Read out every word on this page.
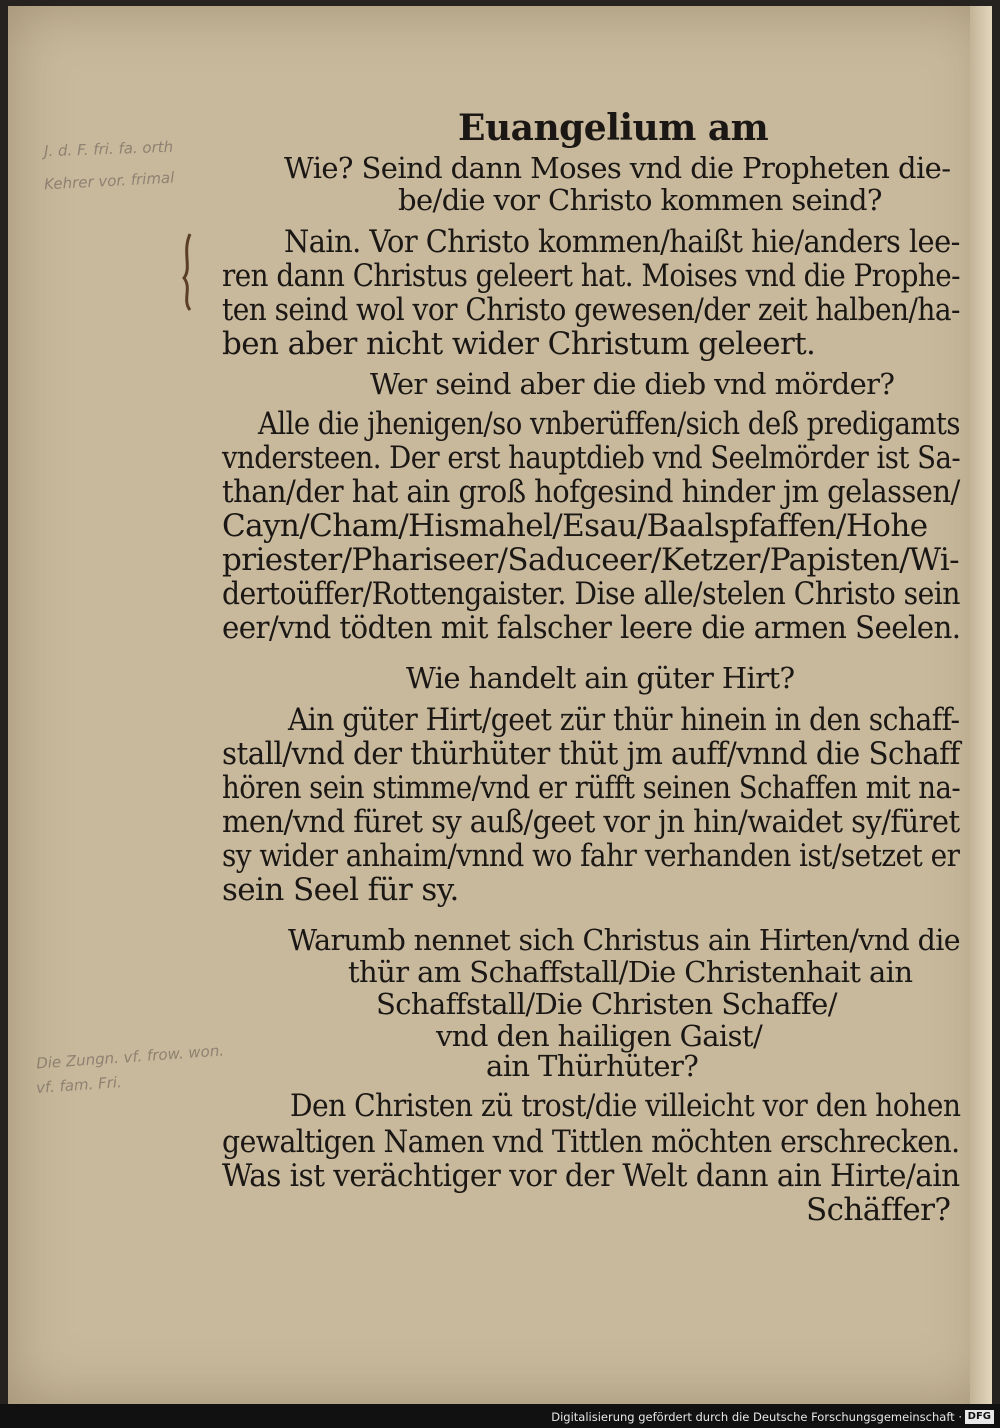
Euangelium am
Wie? Seind dann Moses vnd die Propheten die-
be/die vor Christo kommen seind?
Nain. Vor Christo kommen/haißt hie/anders lee-
ren dann Christus geleert hat. Moises vnd die Prophe-
ten seind wol vor Christo gewesen/der zeit halben/ha-
ben aber nicht wider Christum geleert.
Wer seind aber die dieb vnd mörder?
Alle die jhenigen/so vnberüffen/sich deß predigamts
vndersteen. Der erst hauptdieb vnd Seelmörder ist Sa-
than/der hat ain groß hofgesind hinder jm gelassen/
Cayn/Cham/Hismahel/Esau/Baalspfaffen/Hohe
priester/Phariseer/Saduceer/Ketzer/Papisten/Wi-
dertoüffer/Rottengaister. Dise alle/stelen Christo sein
eer/vnd tödten mit falscher leere die armen Seelen.
Wie handelt ain güter Hirt?
Ain güter Hirt/geet zür thür hinein in den schaff-
stall/vnd der thürhüter thüt jm auff/vnnd die Schaff
hören sein stimme/vnd er rüfft seinen Schaffen mit na-
men/vnd füret sy auß/geet vor jn hin/waidet sy/füret
sy wider anhaim/vnnd wo fahr verhanden ist/setzet er
sein Seel für sy.
Warumb nennet sich Christus ain Hirten/vnd die
thür am Schaffstall/Die Christenhait ain
Schaffstall/Die Christen Schaffe/
vnd den hailigen Gaist/
ain Thürhüter?
Den Christen zü trost/die villeicht vor den hohen
gewaltigen Namen vnd Tittlen möchten erschrecken.
Was ist verächtiger vor der Welt dann ain Hirte/ain
Schäffer?
J. d. F. fri. fa. orth
Kehrer vor. frimal
Die Zungn. vf. frow. won.
vf. fam. Fri.
Digitalisierung gefördert durch die Deutsche Forschungsgemeinschaft · DFG
